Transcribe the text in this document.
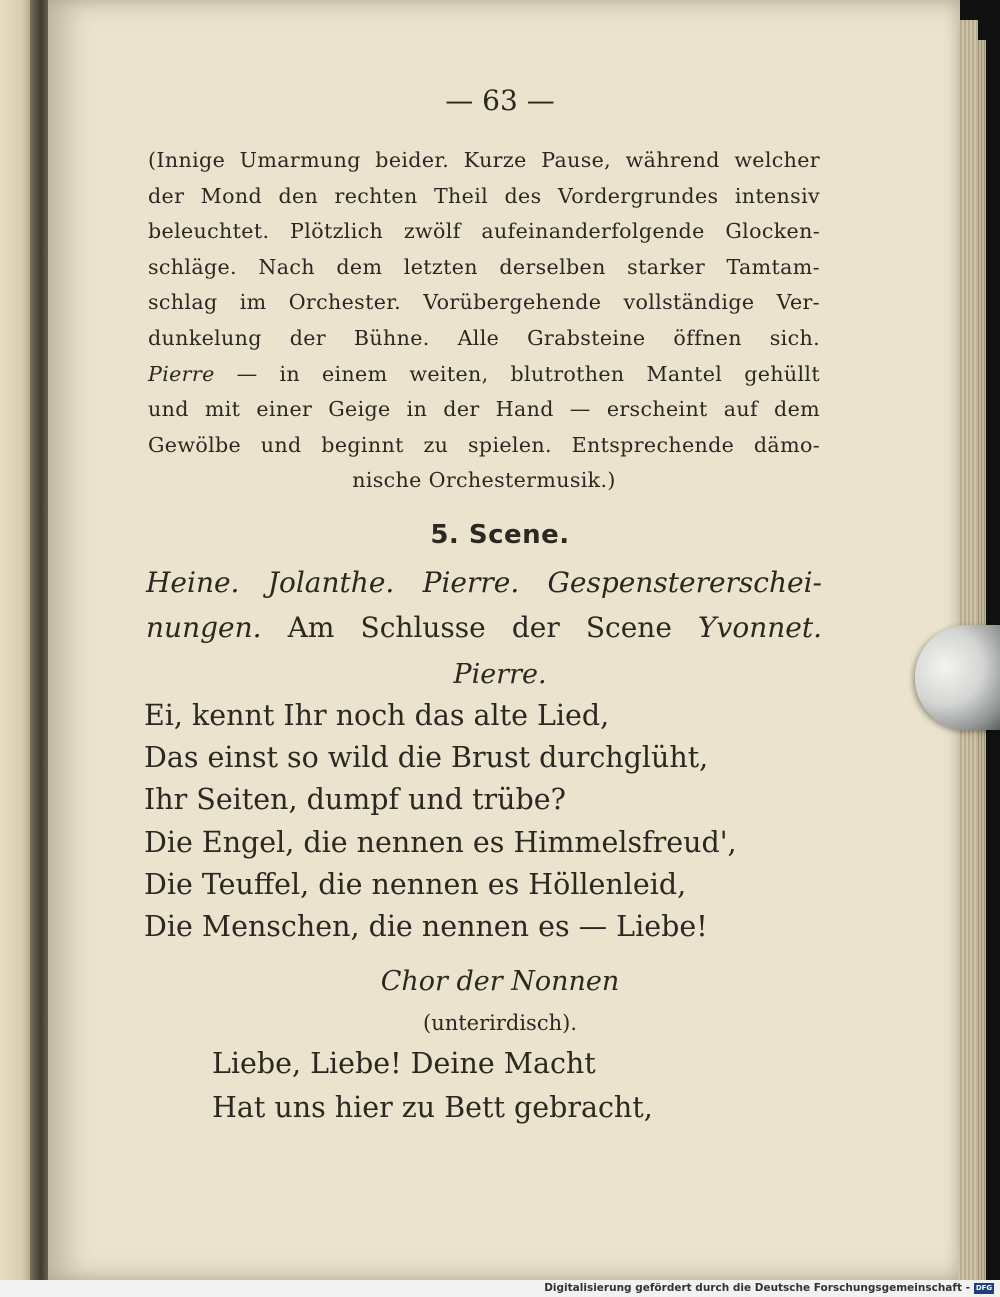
— 63 —
(Innige Umarmung beider. Kurze Pause, während welcher
der Mond den rechten Theil des Vordergrundes intensiv
beleuchtet. Plötzlich zwölf aufeinanderfolgende Glocken-
schläge. Nach dem letzten derselben starker Tamtam-
schlag im Orchester. Vorübergehende vollständige Ver-
dunkelung der Bühne. Alle Grabsteine öffnen sich.
Pierre — in einem weiten, blutrothen Mantel gehüllt
und mit einer Geige in der Hand — erscheint auf dem
Gewölbe und beginnt zu spielen. Entsprechende dämo-
nische Orchestermusik.)
5. Scene.
Heine. Jolanthe. Pierre. Gespenstererschei-
nungen. Am Schlusse der Scene Yvonnet.
Pierre.
Ei, kennt Ihr noch das alte Lied,
Das einst so wild die Brust durchglüht,
Ihr Seiten, dumpf und trübe?
Die Engel, die nennen es Himmelsfreud',
Die Teuffel, die nennen es Höllenleid,
Die Menschen, die nennen es — Liebe!
Chor der Nonnen
(unterirdisch).
Liebe, Liebe! Deine Macht
Hat uns hier zu Bett gebracht,
Digitalisierung gefördert durch die Deutsche Forschungsgemeinschaft - DFG
